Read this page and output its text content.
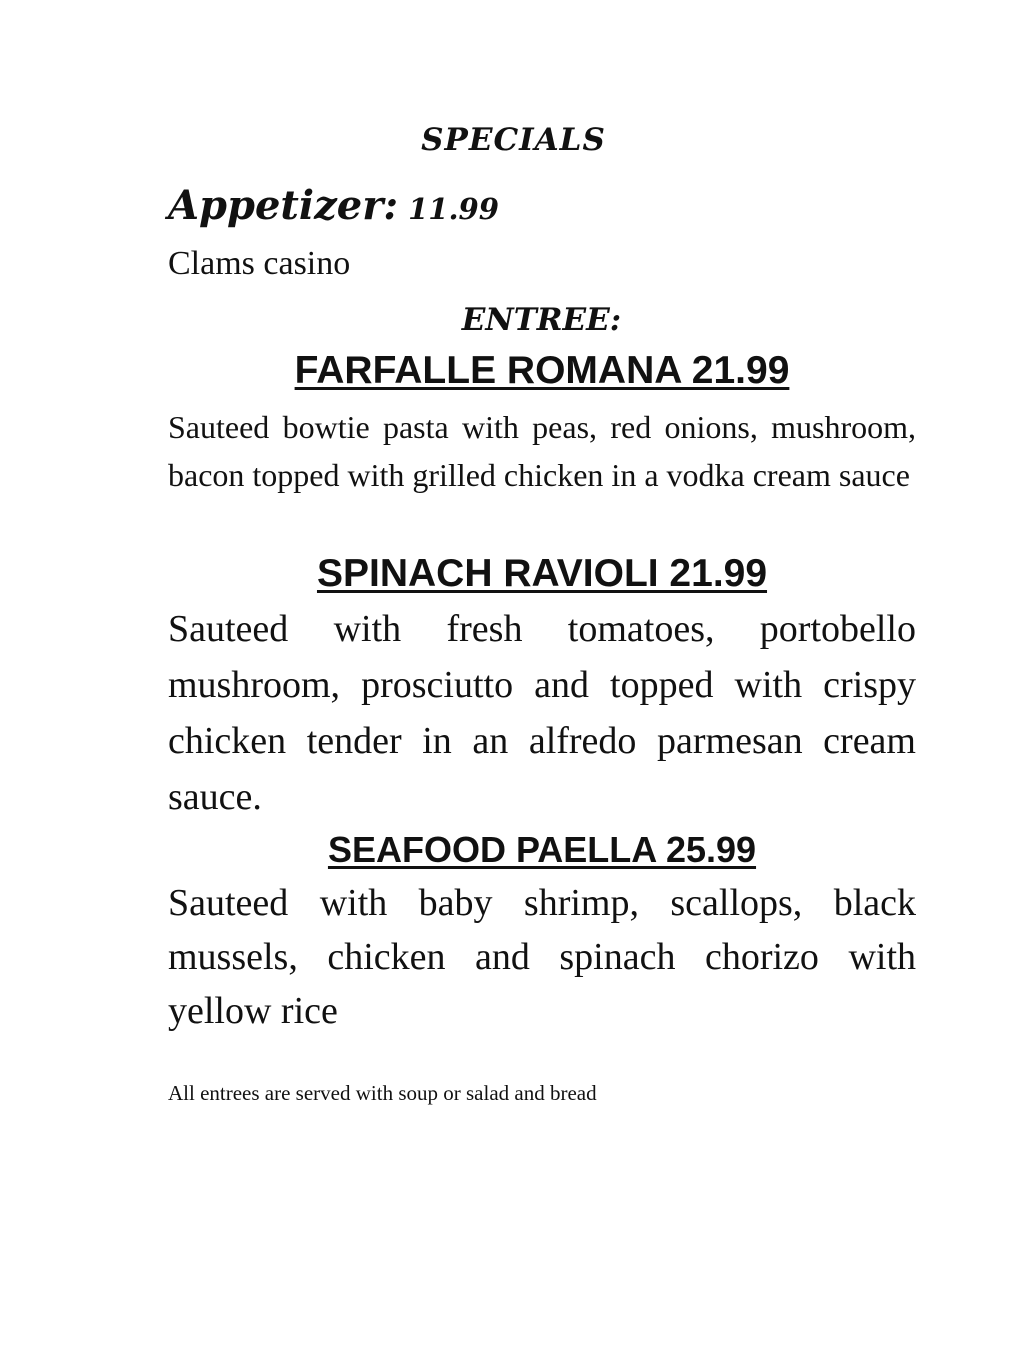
SPECIALS
Appetizer: 11.99
Clams casino
ENTREE:
FARFALLE ROMANA 21.99
Sauteed bowtie pasta with peas, red onions, mushroom, bacon topped with grilled chicken in a vodka cream sauce
SPINACH RAVIOLI 21.99
Sauteed with fresh tomatoes, portobello mushroom, prosciutto and topped with crispy chicken tender in an alfredo parmesan cream sauce.
SEAFOOD PAELLA 25.99
Sauteed with baby shrimp, scallops, black mussels, chicken and spinach chorizo with yellow rice
All entrees are served with soup or salad and bread
